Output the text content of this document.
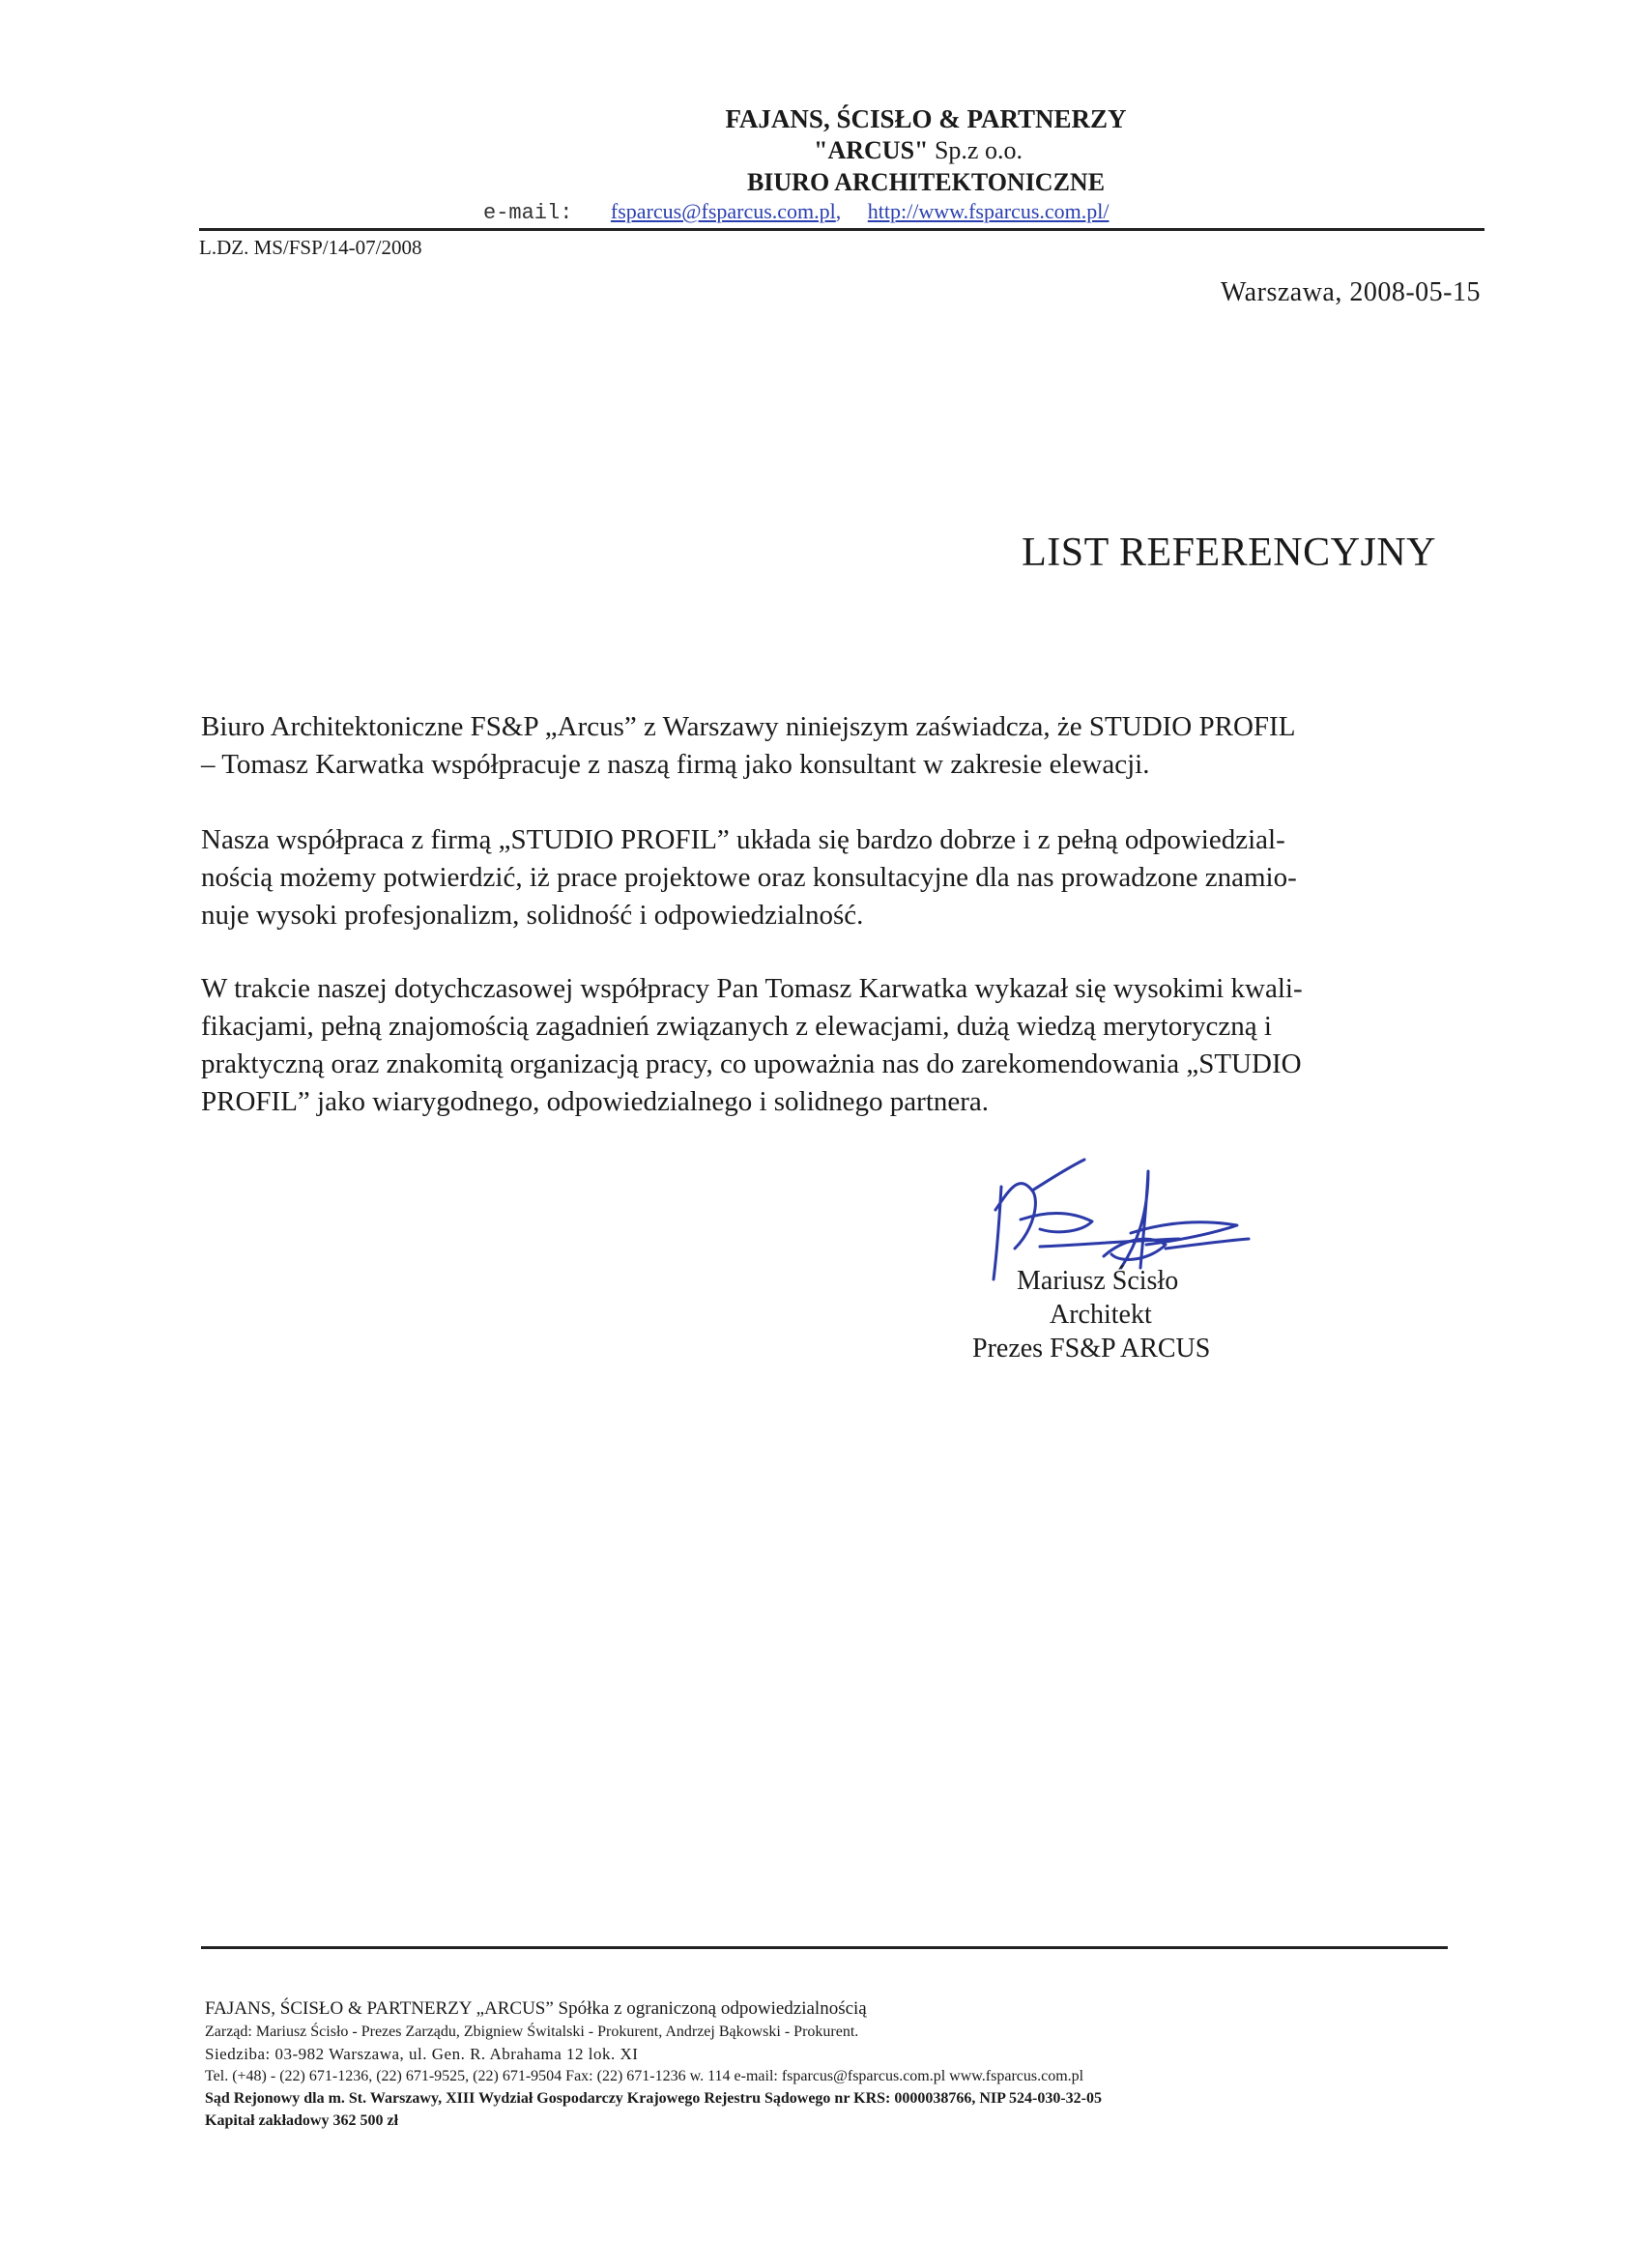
FAJANS, ŚCISŁO & PARTNERZY
"ARCUS" Sp.z o.o.
BIURO ARCHITEKTONICZNE
e-mail: fsparcus@fsparcus.com.pl, http://www.fsparcus.com.pl/
L.DZ. MS/FSP/14-07/2008
Warszawa, 2008-05-15
LIST REFERENCYJNY

Biuro Architektoniczne FS&P „Arcus” z Warszawy niniejszym zaświadcza, że STUDIO PROFIL
– Tomasz Karwatka współpracuje z naszą firmą jako konsultant w zakresie elewacji.

Nasza współpraca z firmą „STUDIO PROFIL” układa się bardzo dobrze i z pełną odpowiedzial-
nością możemy potwierdzić, iż prace projektowe oraz konsultacyjne dla nas prowadzone znamio-
nuje wysoki profesjonalizm, solidność i odpowiedzialność.

W trakcie naszej dotychczasowej współpracy Pan Tomasz Karwatka wykazał się wysokimi kwali-
fikacjami, pełną znajomością zagadnień związanych z elewacjami, dużą wiedzą merytoryczną i
praktyczną oraz znakomitą organizacją pracy, co upoważnia nas do zarekomendowania „STUDIO
PROFIL” jako wiarygodnego, odpowiedzialnego i solidnego partnera.

Mariusz Ścisło
Architekt
Prezes FS&P ARCUS
FAJANS, ŚCISŁO & PARTNERZY „ARCUS” Spółka z ograniczoną odpowiedzialnością
Zarząd: Mariusz Ścisło - Prezes Zarządu, Zbigniew Świtalski - Prokurent, Andrzej Bąkowski - Prokurent.
Siedziba: 03-982 Warszawa, ul. Gen. R. Abrahama 12 lok. XI
Tel. (+48) - (22) 671-1236, (22) 671-9525, (22) 671-9504 Fax: (22) 671-1236 w. 114 e-mail: fsparcus@fsparcus.com.pl www.fsparcus.com.pl
Sąd Rejonowy dla m. St. Warszawy, XIII Wydział Gospodarczy Krajowego Rejestru Sądowego nr KRS: 0000038766, NIP 524-030-32-05
Kapitał zakładowy 362 500 zł
